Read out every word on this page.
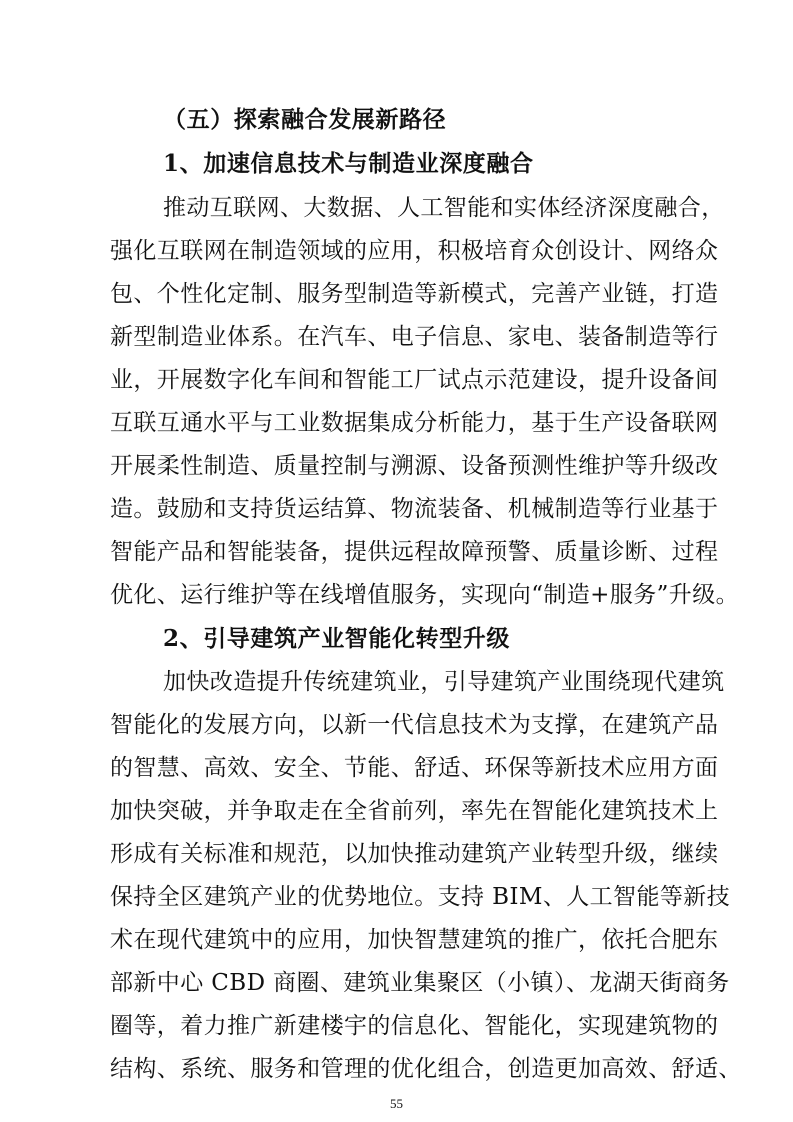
（五）探索融合发展新路径
1、加速信息技术与制造业深度融合
推动互联网、大数据、人工智能和实体经济深度融合，
强化互联网在制造领域的应用，积极培育众创设计、网络众
包、个性化定制、服务型制造等新模式，完善产业链，打造
新型制造业体系。在汽车、电子信息、家电、装备制造等行
业，开展数字化车间和智能工厂试点示范建设，提升设备间
互联互通水平与工业数据集成分析能力，基于生产设备联网
开展柔性制造、质量控制与溯源、设备预测性维护等升级改
造。鼓励和支持货运结算、物流装备、机械制造等行业基于
智能产品和智能装备，提供远程故障预警、质量诊断、过程
优化、运行维护等在线增值服务，实现向“制造+服务”升级。
2、引导建筑产业智能化转型升级
加快改造提升传统建筑业，引导建筑产业围绕现代建筑
智能化的发展方向，以新一代信息技术为支撑，在建筑产品
的智慧、高效、安全、节能、舒适、环保等新技术应用方面
加快突破，并争取走在全省前列，率先在智能化建筑技术上
形成有关标准和规范，以加快推动建筑产业转型升级，继续
保持全区建筑产业的优势地位。支持 BIM、人工智能等新技
术在现代建筑中的应用，加快智慧建筑的推广，依托合肥东
部新中心 CBD 商圈、建筑业集聚区（小镇）、龙湖天街商务
圈等，着力推广新建楼宇的信息化、智能化，实现建筑物的
结构、系统、服务和管理的优化组合，创造更加高效、舒适、
55
